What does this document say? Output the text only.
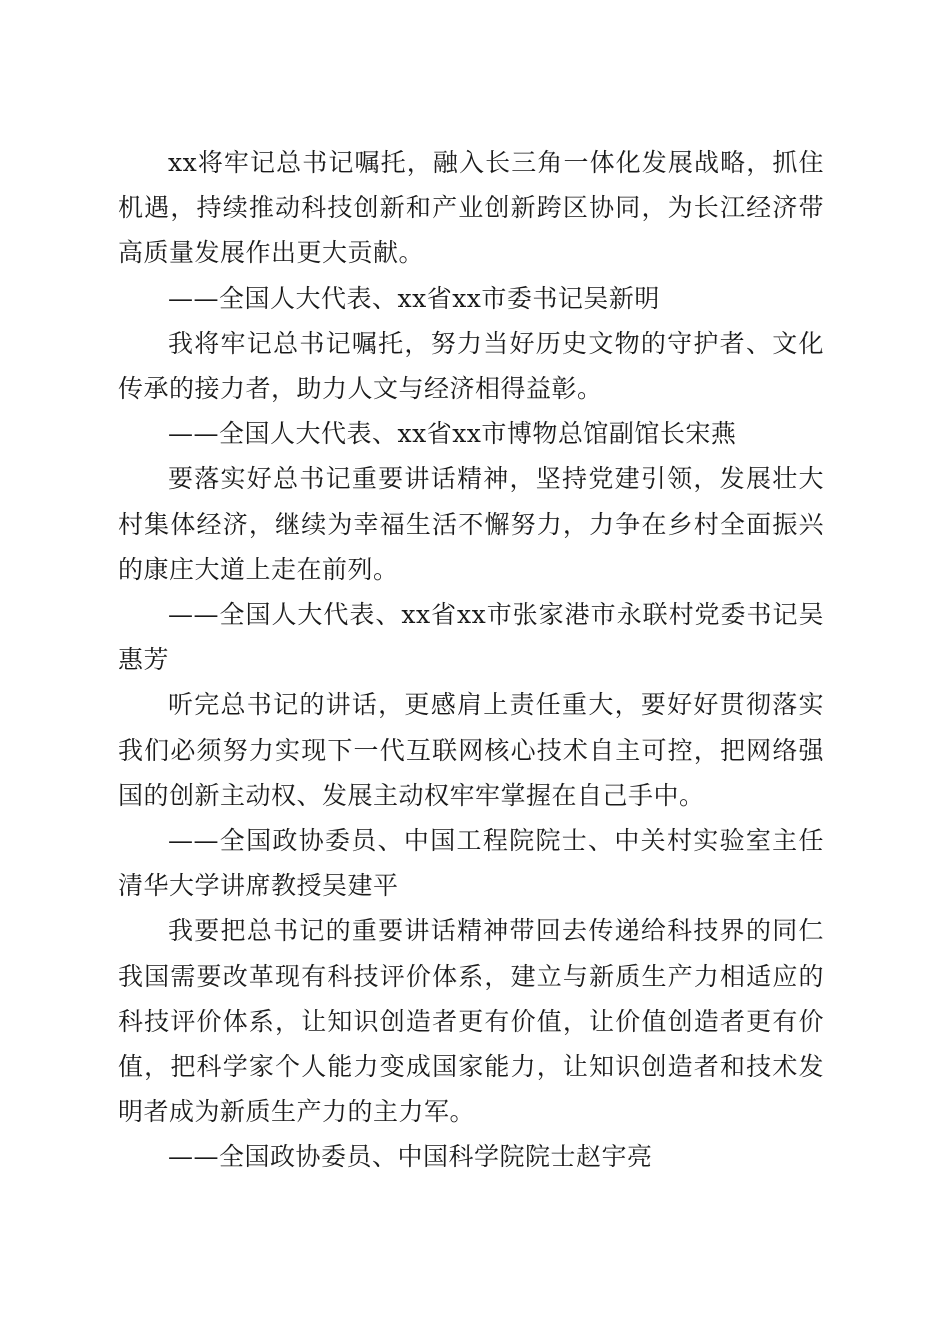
xx将牢记总书记嘱托，融入长三角一体化发展战略，抓住机遇，持续推动科技创新和产业创新跨区协同，为长江经济带高质量发展作出更大贡献。

——全国人大代表、xx省xx市委书记吴新明

我将牢记总书记嘱托，努力当好历史文物的守护者、文化传承的接力者，助力人文与经济相得益彰。

——全国人大代表、xx省xx市博物总馆副馆长宋燕

要落实好总书记重要讲话精神，坚持党建引领，发展壮大村集体经济，继续为幸福生活不懈努力，力争在乡村全面振兴的康庄大道上走在前列。

——全国人大代表、xx省xx市张家港市永联村党委书记吴惠芳

听完总书记的讲话，更感肩上责任重大，要好好贯彻落实我们必须努力实现下一代互联网核心技术自主可控，把网络强国的创新主动权、发展主动权牢牢掌握在自己手中。

——全国政协委员、中国工程院院士、中关村实验室主任清华大学讲席教授吴建平

我要把总书记的重要讲话精神带回去传递给科技界的同仁我国需要改革现有科技评价体系，建立与新质生产力相适应的科技评价体系，让知识创造者更有价值，让价值创造者更有价值，把科学家个人能力变成国家能力，让知识创造者和技术发明者成为新质生产力的主力军。

——全国政协委员、中国科学院院士赵宇亮
